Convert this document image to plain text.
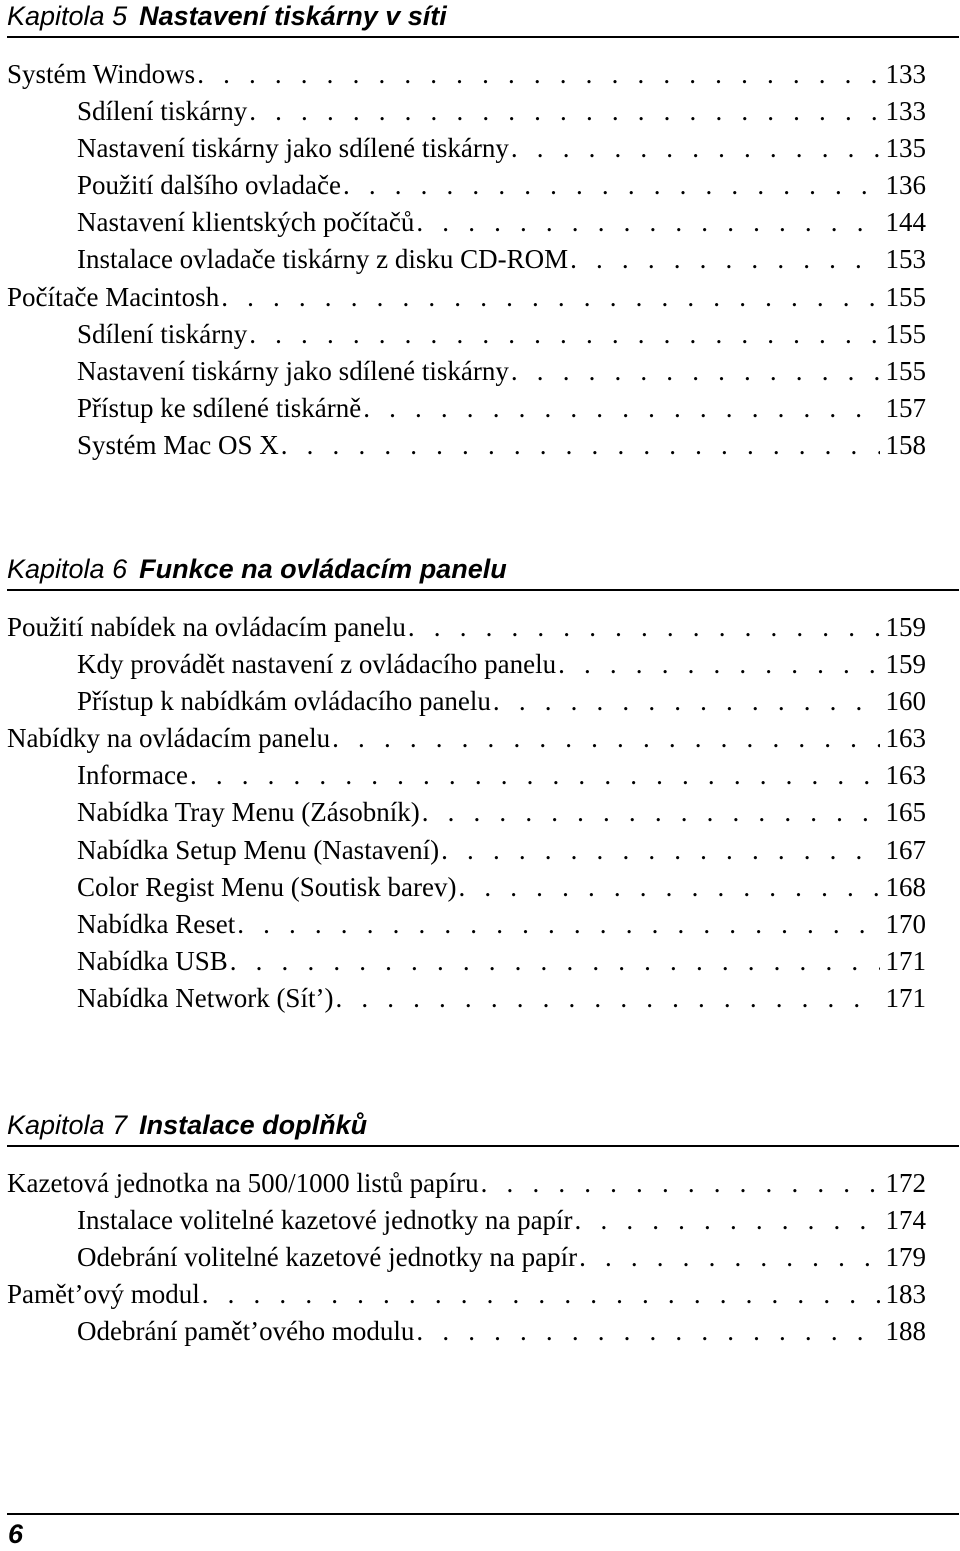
Kapitola 5 Nastavení tiskárny v síti
Systém Windows . . .	133
Sdílení tiskárny . . .	133
Nastavení tiskárny jako sdílené tiskárny . . .	135
Použití dalšího ovladače . . .	136
Nastavení klientských počítačů . . .	144
Instalace ovladače tiskárny z disku CD-ROM . . .	153
Počítače Macintosh . . .	155
Sdílení tiskárny . . .	155
Nastavení tiskárny jako sdílené tiskárny . . .	155
Přístup ke sdílené tiskárně . . .	157
Systém Mac OS X . . .	158
Kapitola 6 Funkce na ovládacím panelu
Použití nabídek na ovládacím panelu . . .	159
Kdy provádět nastavení z ovládacího panelu . . .	159
Přístup k nabídkám ovládacího panelu . . .	160
Nabídky na ovládacím panelu . . .	163
Informace . . .	163
Nabídka Tray Menu (Zásobník) . . .	165
Nabídka Setup Menu (Nastavení) . . .	167
Color Regist Menu (Soutisk barev) . . .	168
Nabídka Reset . . .	170
Nabídka USB . . .	171
Nabídka Network (Sít’) . . .	171
Kapitola 7 Instalace doplňků
Kazetová jednotka na 500/1000 listů papíru . . .	172
Instalace volitelné kazetové jednotky na papír . . .	174
Odebrání volitelné kazetové jednotky na papír . . .	179
Pamět’ový modul . . .	183
Odebrání pamět’ového modulu . . .	188
6
